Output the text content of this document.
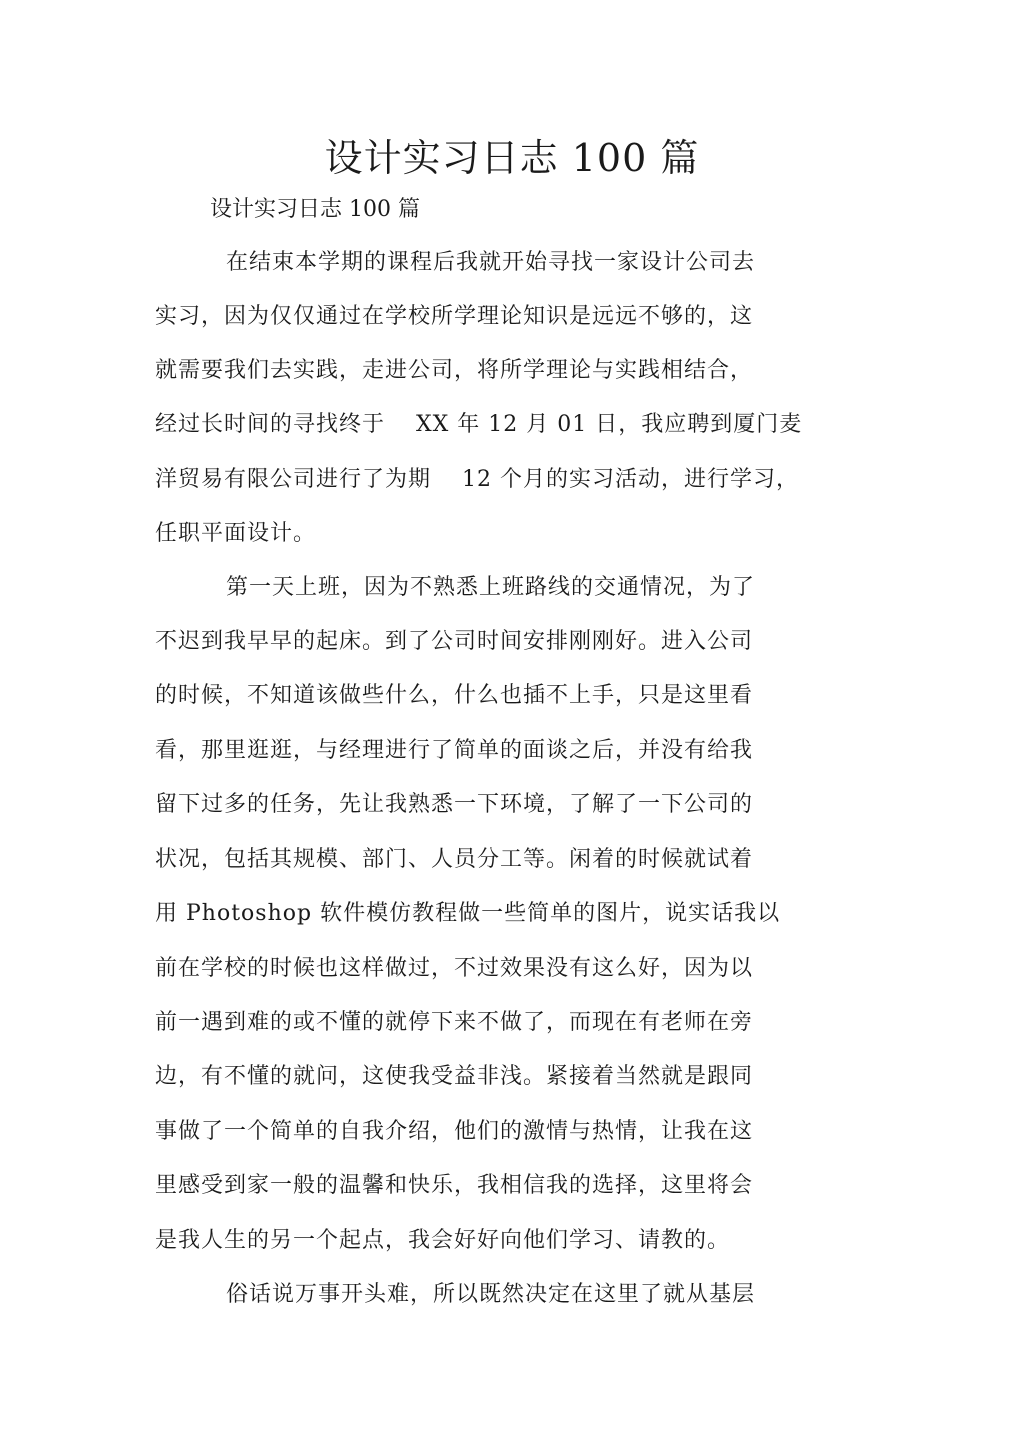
设计实习日志 100 篇
设计实习日志 100 篇
在结束本学期的课程后我就开始寻找一家设计公司去
实习，因为仅仅通过在学校所学理论知识是远远不够的，这
就需要我们去实践，走进公司，将所学理论与实践相结合，
经过长时间的寻找终于　 XX 年 12 月 01 日，我应聘到厦门麦
洋贸易有限公司进行了为期　 12 个月的实习活动，进行学习，
任职平面设计。
第一天上班，因为不熟悉上班路线的交通情况，为了
不迟到我早早的起床。到了公司时间安排刚刚好。进入公司
的时候，不知道该做些什么，什么也插不上手，只是这里看
看，那里逛逛，与经理进行了简单的面谈之后，并没有给我
留下过多的任务，先让我熟悉一下环境，了解了一下公司的
状况，包括其规模、部门、人员分工等。闲着的时候就试着
用 Photoshop 软件模仿教程做一些简单的图片，说实话我以
前在学校的时候也这样做过，不过效果没有这么好，因为以
前一遇到难的或不懂的就停下来不做了，而现在有老师在旁
边，有不懂的就问，这使我受益非浅。紧接着当然就是跟同
事做了一个简单的自我介绍，他们的激情与热情，让我在这
里感受到家一般的温馨和快乐，我相信我的选择，这里将会
是我人生的另一个起点，我会好好向他们学习、请教的。
俗话说万事开头难，所以既然决定在这里了就从基层
